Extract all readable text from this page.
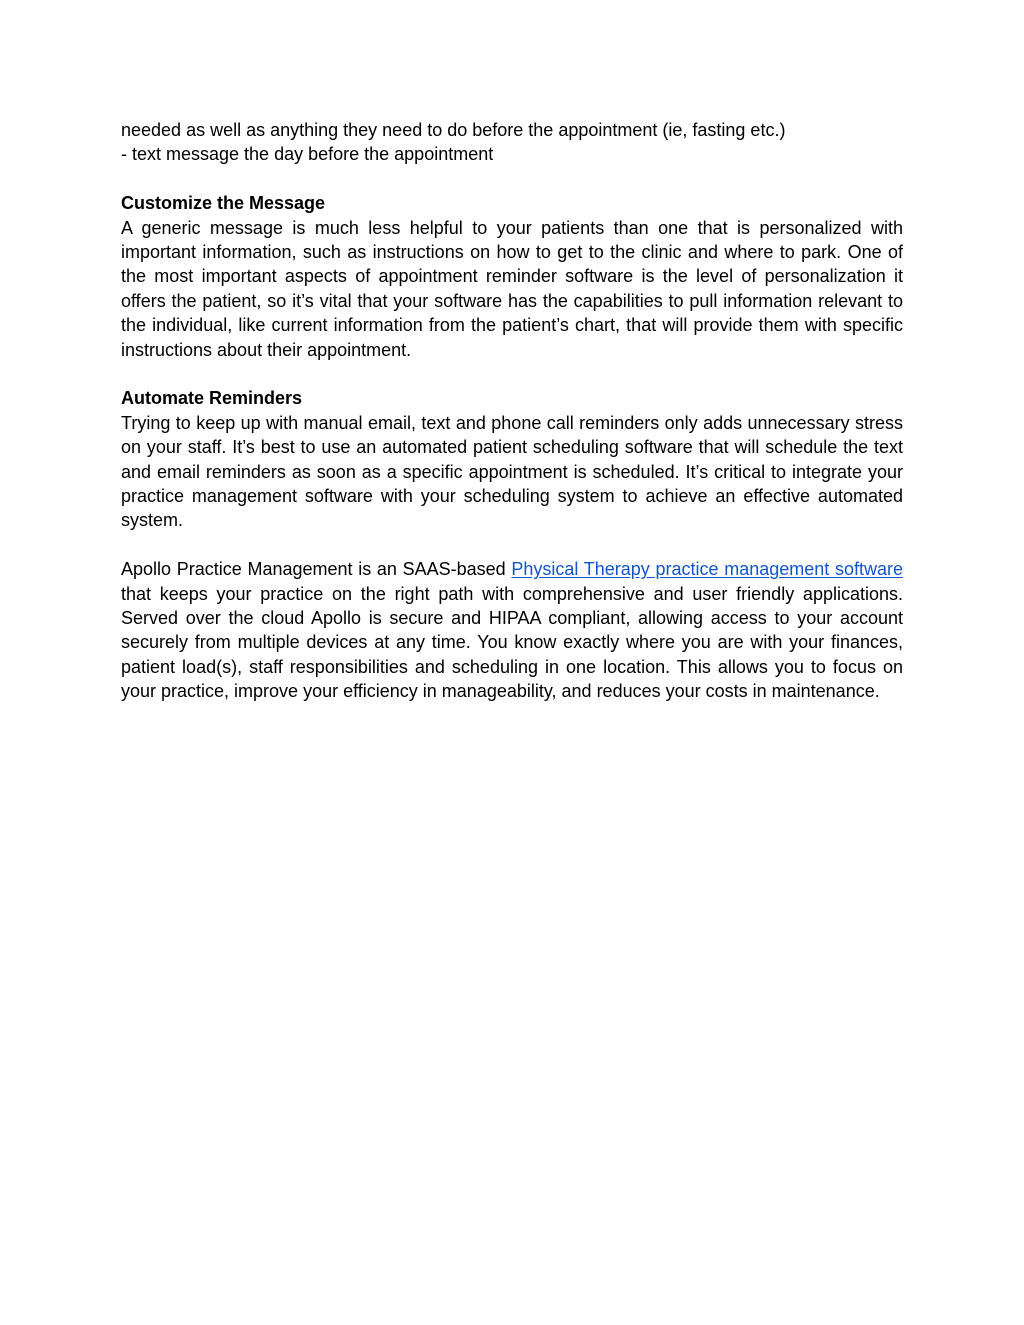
needed as well as anything they need to do before the appointment (ie, fasting etc.)

- text message the day before the appointment

Customize the Message

A generic message is much less helpful to your patients than one that is personalized with important information, such as instructions on how to get to the clinic and where to park. One of the most important aspects of appointment reminder software is the level of personalization it offers the patient, so it’s vital that your software has the capabilities to pull information relevant to the individual, like current information from the patient’s chart, that will provide them with specific instructions about their appointment.

Automate Reminders

Trying to keep up with manual email, text and phone call reminders only adds unnecessary stress on your staff. It’s best to use an automated patient scheduling software that will schedule the text and email reminders as soon as a specific appointment is scheduled. It’s critical to integrate your practice management software with your scheduling system to achieve an effective automated system.

Apollo Practice Management is an SAAS-based Physical Therapy practice management software that keeps your practice on the right path with comprehensive and user friendly applications. Served over the cloud Apollo is secure and HIPAA compliant, allowing access to your account securely from multiple devices at any time. You know exactly where you are with your finances, patient load(s), staff responsibilities and scheduling in one location. This allows you to focus on your practice, improve your efficiency in manageability, and reduces your costs in maintenance.
